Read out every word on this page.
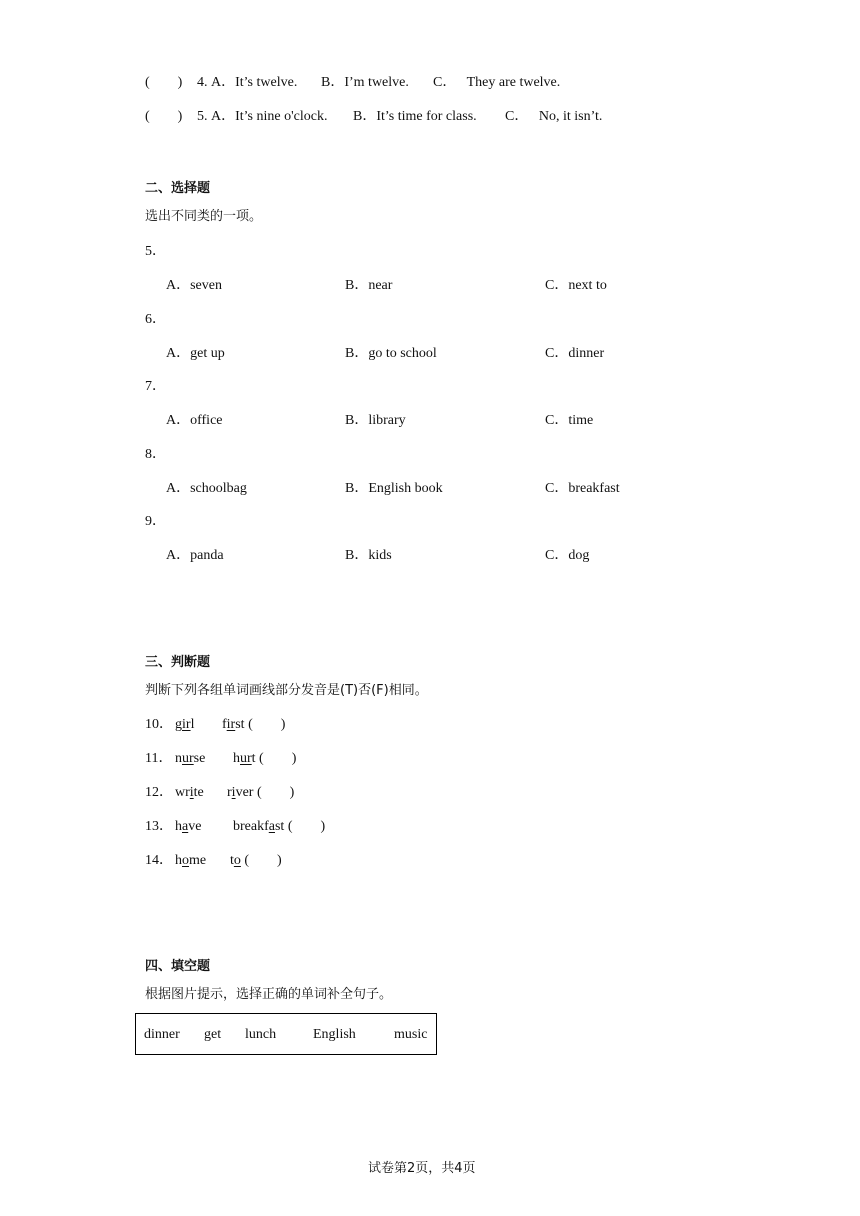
(        ) 4. A．It’s twelve. B．I’m twelve. C．   They are twelve.
(        ) 5. A．It’s nine o'clock. B．It’s time for class. C．   No, it isn’t.
二、选择题
选出不同类的一项。
5．
A．seven	B．near	C．next to
6．
A．get up	B．go to school	C．dinner
7．
A．office	B．library	C．time
8．
A．schoolbag	B．English book	C．breakfast
9．
A．panda	B．kids	C．dog
三、判断题
判断下列各组单词画线部分发音是(T)否(F)相同。
10． girl first (        )
11． nurse hurt (        )
12． write river (        )
13． have breakfast (        )
14． home to (        )
四、填空题
根据图片提示，选择正确的单词补全句子。
dinner get lunch	English	music
试卷第2页，共4页
